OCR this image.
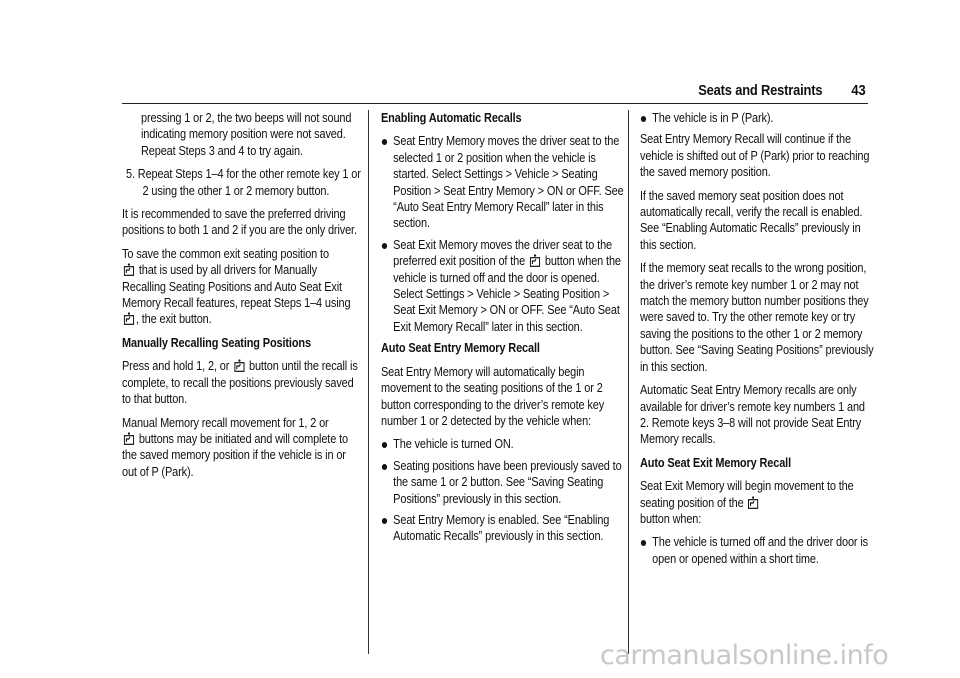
Seats and Restraints 43

pressing 1 or 2, the two beeps will not sound indicating memory position were not saved. Repeat Steps 3 and 4 to try again.

5. Repeat Steps 1–4 for the other remote key 1 or 2 using the other 1 or 2 memory button.

It is recommended to save the preferred driving positions to both 1 and 2 if you are the only driver.

To save the common exit seating position to
that is used by all drivers for Manually Recalling Seating Positions and Auto Seat Exit Memory Recall features, repeat Steps 1–4 using , the exit button.

Manually Recalling Seating Positions

Press and hold 1, 2, or button until the recall is complete, to recall the positions previously saved to that button.

Manual Memory recall movement for 1, 2 or
buttons may be initiated and will complete to the saved memory position if the vehicle is in or out of P (Park).

Enabling Automatic Recalls

Seat Entry Memory moves the driver seat to the selected 1 or 2 position when the vehicle is started. Select Settings > Vehicle > Seating Position > Seat Entry Memory > ON or OFF. See “Auto Seat Entry Memory Recall” later in this section.

Seat Exit Memory moves the driver seat to the preferred exit position of the button when the vehicle is turned off and the door is opened. Select Settings > Vehicle > Seating Position > Seat Exit Memory > ON or OFF. See “Auto Seat Exit Memory Recall” later in this section.

Auto Seat Entry Memory Recall

Seat Entry Memory will automatically begin movement to the seating positions of the 1 or 2 button corresponding to the driver’s remote key number 1 or 2 detected by the vehicle when:

The vehicle is turned ON.

Seating positions have been previously saved to the same 1 or 2 button. See “Saving Seating Positions” previously in this section.

Seat Entry Memory is enabled. See “Enabling Automatic Recalls” previously in this section.

The vehicle is in P (Park).

Seat Entry Memory Recall will continue if the vehicle is shifted out of P (Park) prior to reaching the saved memory position.

If the saved memory seat position does not automatically recall, verify the recall is enabled. See “Enabling Automatic Recalls” previously in this section.

If the memory seat recalls to the wrong position, the driver’s remote key number 1 or 2 may not match the memory button number positions they were saved to. Try the other remote key or try saving the positions to the other 1 or 2 memory button. See “Saving Seating Positions” previously in this section.

Automatic Seat Entry Memory recalls are only available for driver’s remote key numbers 1 and 2. Remote keys 3–8 will not provide Seat Entry Memory recalls.

Auto Seat Exit Memory Recall

Seat Exit Memory will begin movement to the seating position of the
button when:

The vehicle is turned off and the driver door is open or opened within a short time.

carmanualsonline.info
